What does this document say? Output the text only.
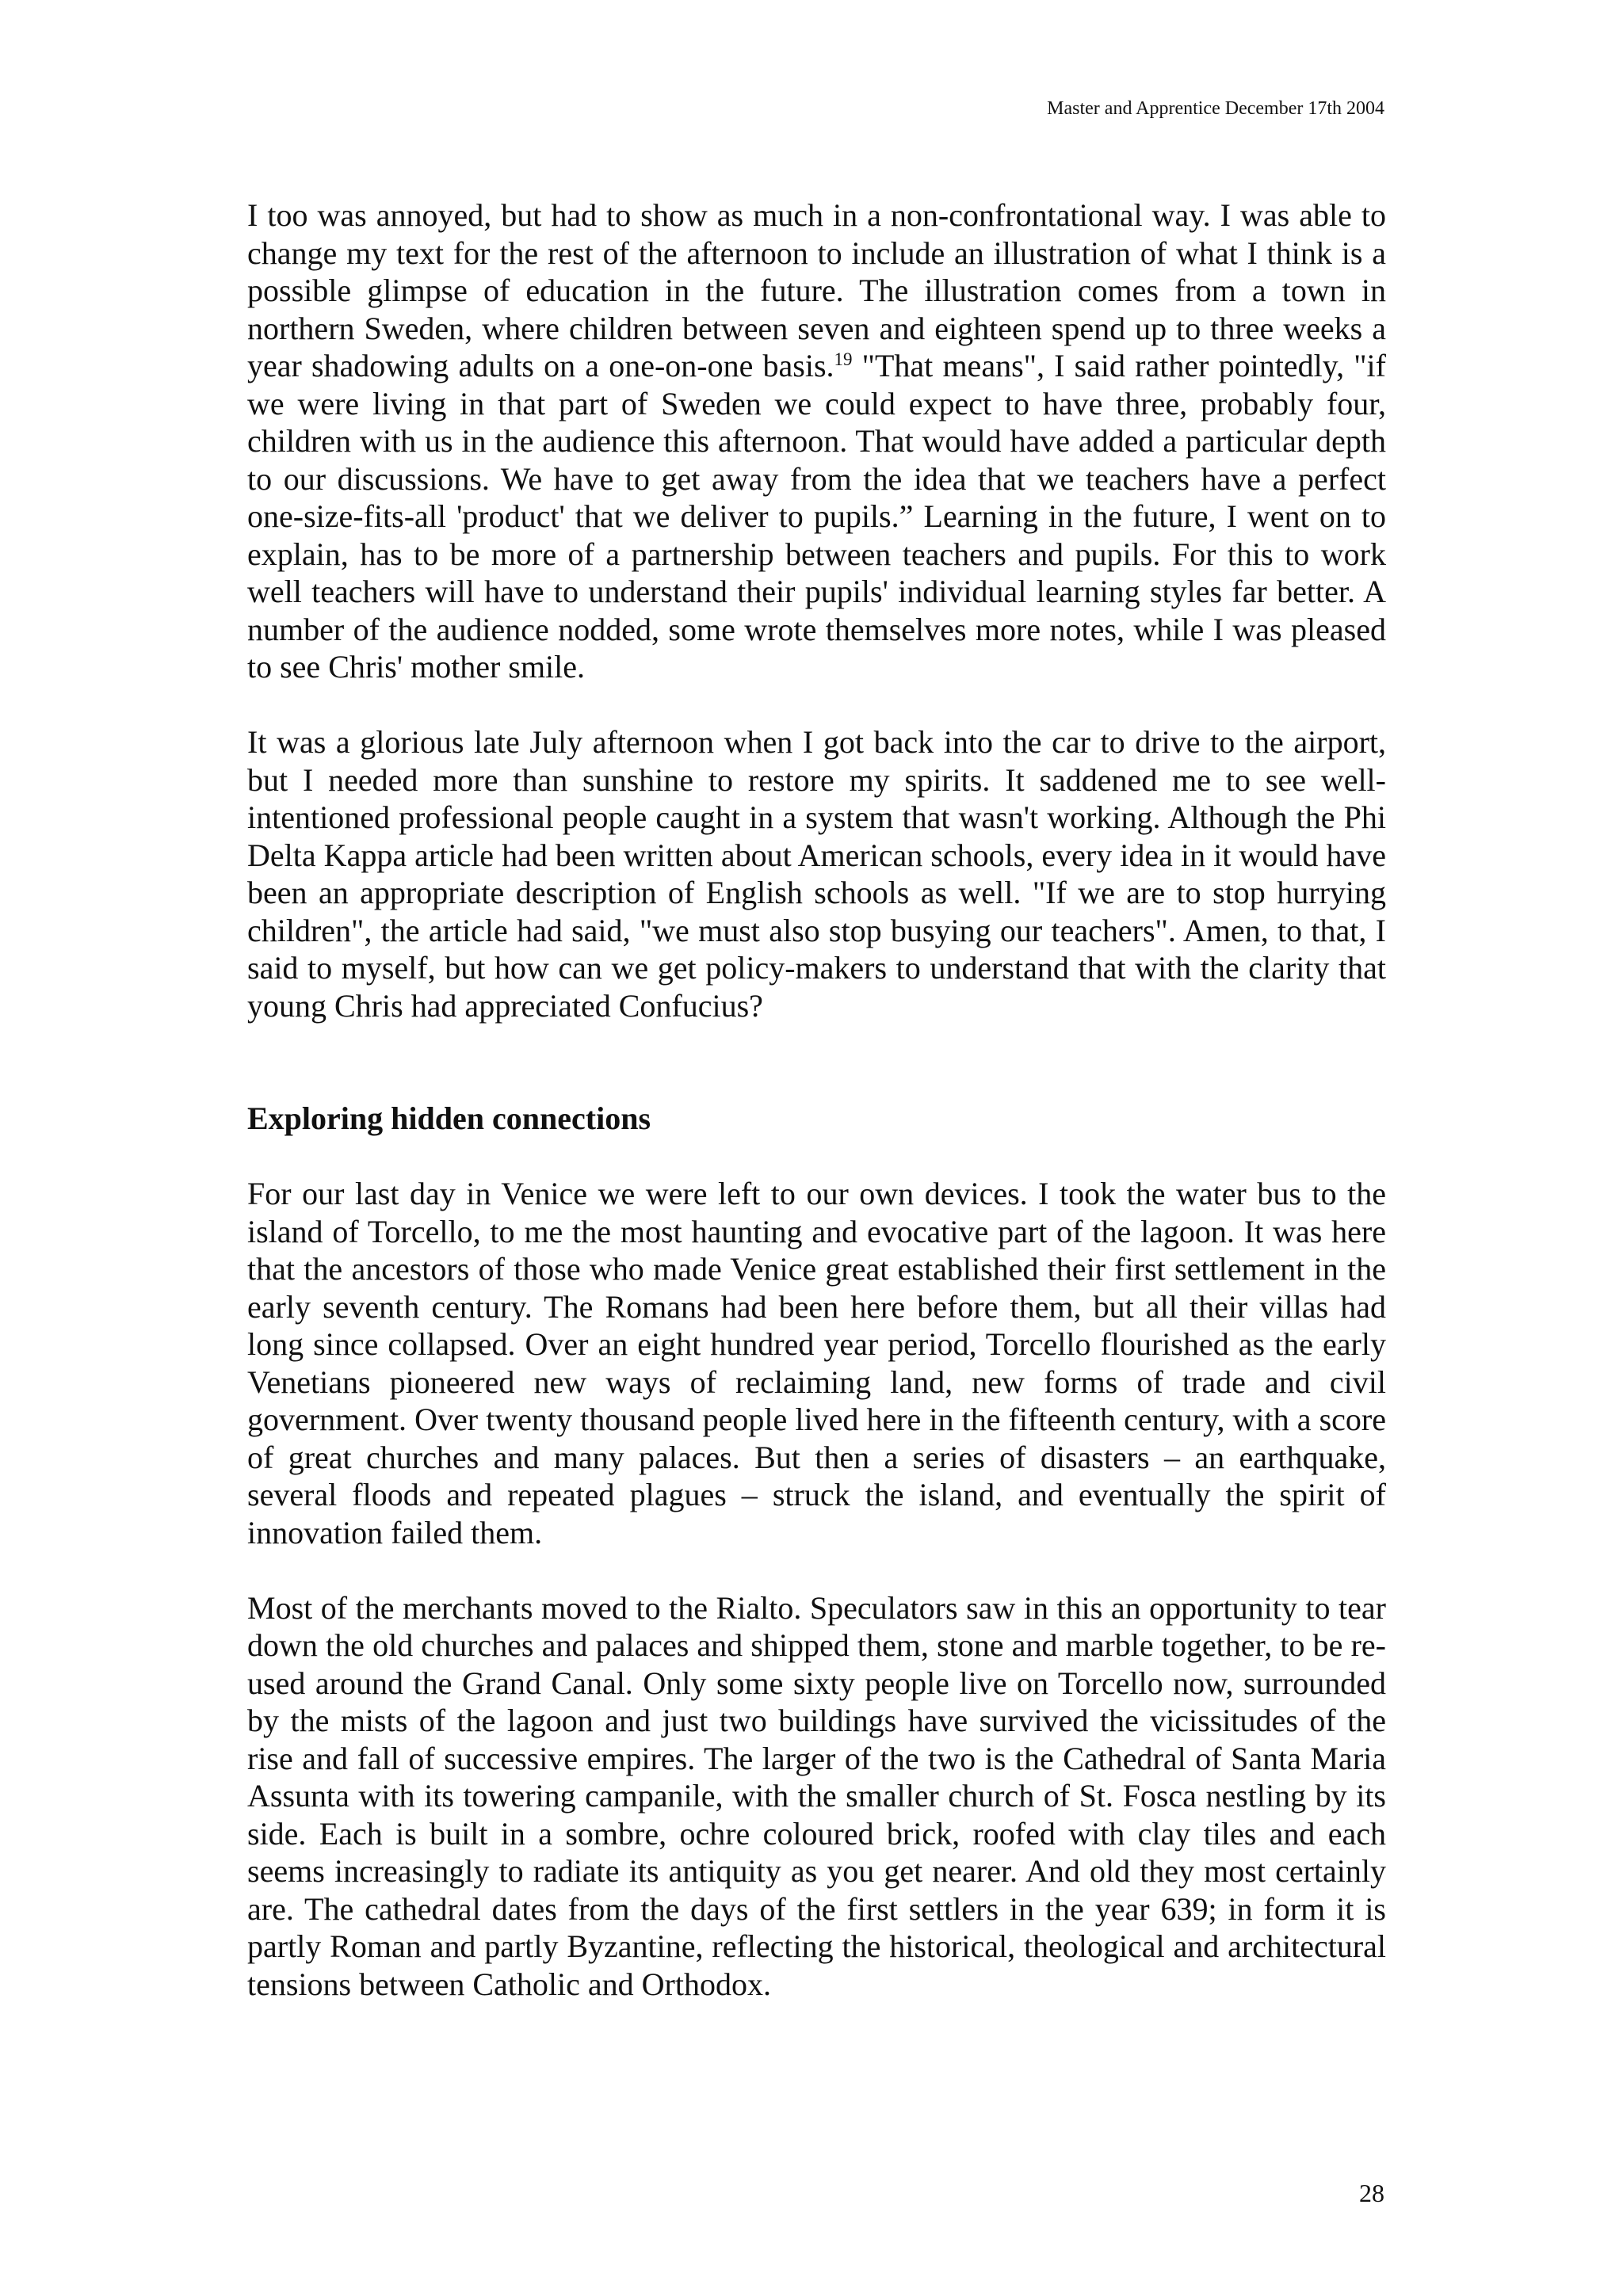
Master and Apprentice December 17th 2004

I too was annoyed, but had to show as much in a non-confrontational way. I was able to change my text for the rest of the afternoon to include an illustration of what I think is a possible glimpse of education in the future. The illustration comes from a town in northern Sweden, where children between seven and eighteen spend up to three weeks a year shadowing adults on a one-on-one basis.$^{19}$ "That means", I said rather pointedly, "if we were living in that part of Sweden we could expect to have three, probably four, children with us in the audience this afternoon. That would have added a particular depth to our discussions. We have to get away from the idea that we teachers have a perfect one-size-fits-all 'product' that we deliver to pupils.” Learning in the future, I went on to explain, has to be more of a partnership between teachers and pupils. For this to work well teachers will have to understand their pupils' individual learning styles far better. A number of the audience nodded, some wrote themselves more notes, while I was pleased to see Chris' mother smile.

It was a glorious late July afternoon when I got back into the car to drive to the airport, but I needed more than sunshine to restore my spirits. It saddened me to see well-intentioned professional people caught in a system that wasn't working. Although the Phi Delta Kappa article had been written about American schools, every idea in it would have been an appropriate description of English schools as well. "If we are to stop hurrying children", the article had said, "we must also stop busying our teachers". Amen, to that, I said to myself, but how can we get policy-makers to understand that with the clarity that young Chris had appreciated Confucius?

Exploring hidden connections

For our last day in Venice we were left to our own devices. I took the water bus to the island of Torcello, to me the most haunting and evocative part of the lagoon. It was here that the ancestors of those who made Venice great established their first settlement in the early seventh century. The Romans had been here before them, but all their villas had long since collapsed. Over an eight hundred year period, Torcello flourished as the early Venetians pioneered new ways of reclaiming land, new forms of trade and civil government. Over twenty thousand people lived here in the fifteenth century, with a score of great churches and many palaces. But then a series of disasters – an earthquake, several floods and repeated plagues – struck the island, and eventually the spirit of innovation failed them.

Most of the merchants moved to the Rialto. Speculators saw in this an opportunity to tear down the old churches and palaces and shipped them, stone and marble together, to be re-used around the Grand Canal. Only some sixty people live on Torcello now, surrounded by the mists of the lagoon and just two buildings have survived the vicissitudes of the rise and fall of successive empires. The larger of the two is the Cathedral of Santa Maria Assunta with its towering campanile, with the smaller church of St. Fosca nestling by its side. Each is built in a sombre, ochre coloured brick, roofed with clay tiles and each seems increasingly to radiate its antiquity as you get nearer. And old they most certainly are. The cathedral dates from the days of the first settlers in the year 639; in form it is partly Roman and partly Byzantine, reflecting the historical, theological and architectural tensions between Catholic and Orthodox.

28
